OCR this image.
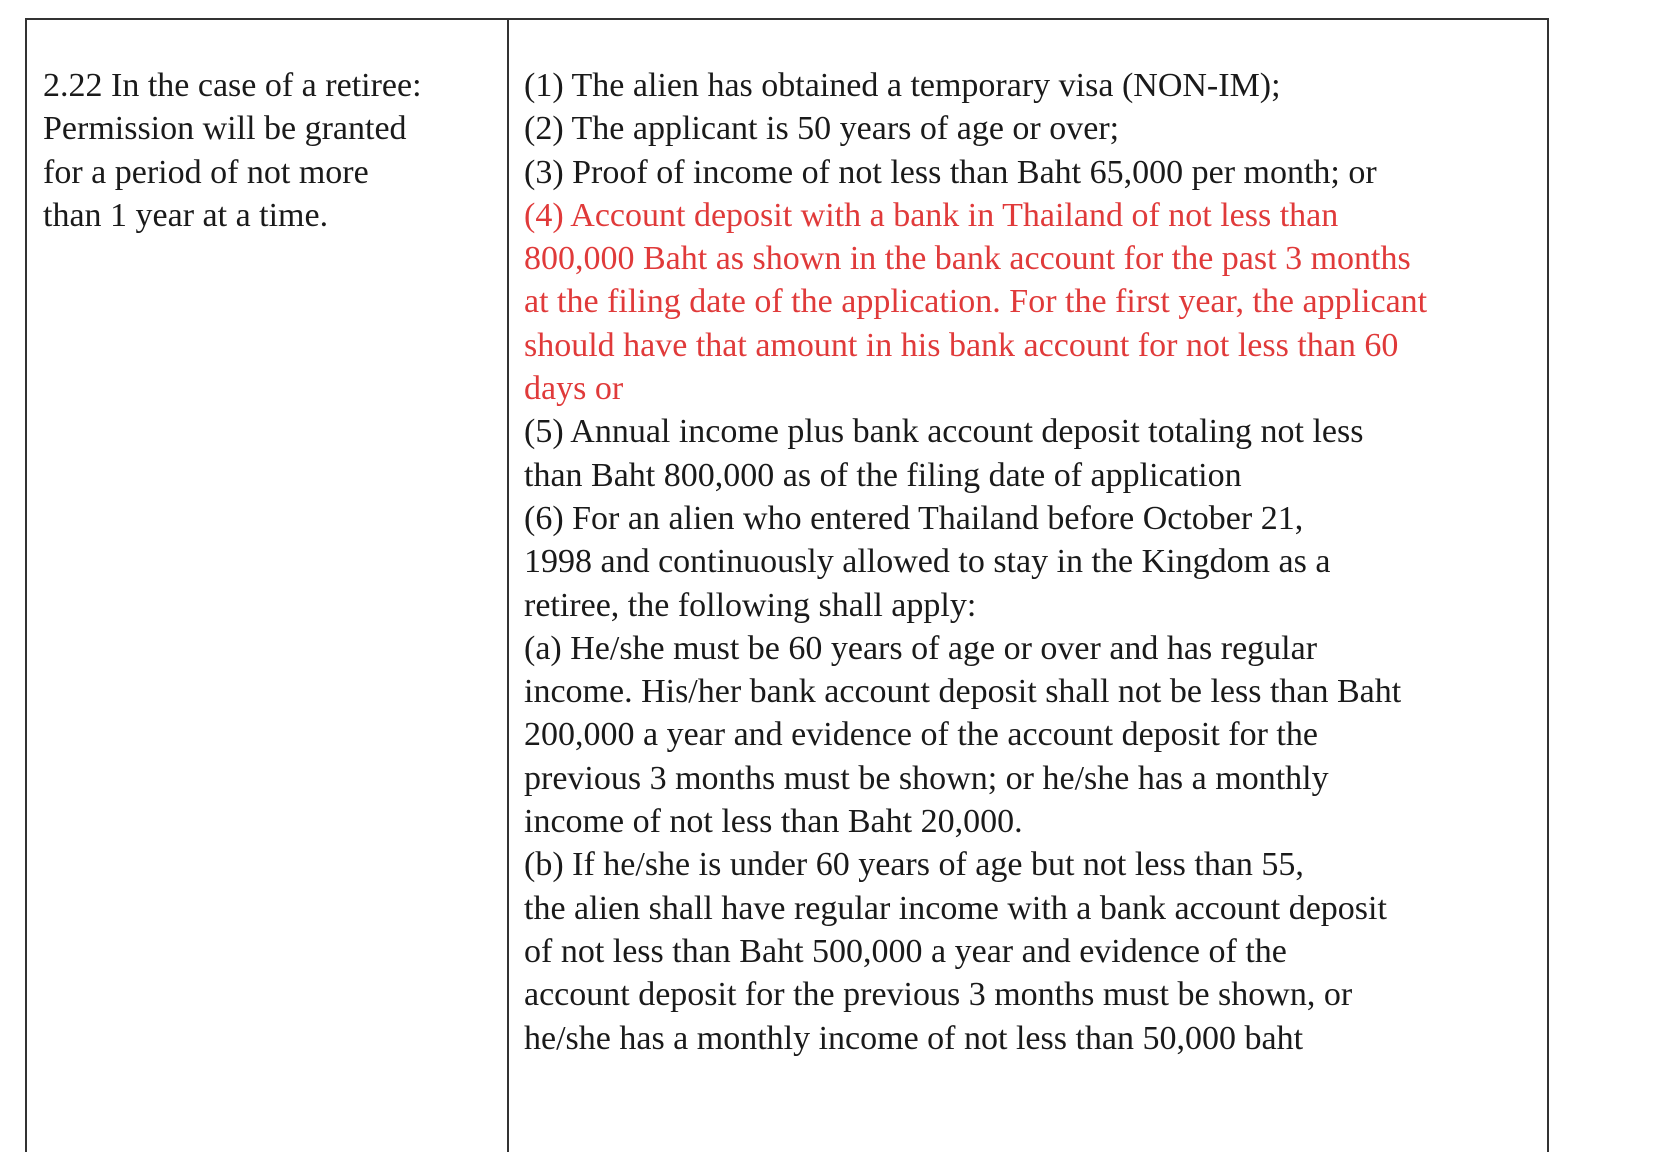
2.22 In the case of a retiree:
Permission will be granted
for a period of not more
than 1 year at a time.
(1) The alien has obtained a temporary visa (NON-IM);
(2) The applicant is 50 years of age or over;
(3) Proof of income of not less than Baht 65,000 per month; or
(4) Account deposit with a bank in Thailand of not less than
800,000 Baht as shown in the bank account for the past 3 months
at the filing date of the application. For the first year, the applicant
should have that amount in his bank account for not less than 60
days or
(5) Annual income plus bank account deposit totaling not less
than Baht 800,000 as of the filing date of application
(6) For an alien who entered Thailand before October 21,
1998 and continuously allowed to stay in the Kingdom as a
retiree, the following shall apply:
(a) He/she must be 60 years of age or over and has regular
income. His/her bank account deposit shall not be less than Baht
200,000 a year and evidence of the account deposit for the
previous 3 months must be shown; or he/she has a monthly
income of not less than Baht 20,000.
(b) If he/she is under 60 years of age but not less than 55,
the alien shall have regular income with a bank account deposit
of not less than Baht 500,000 a year and evidence of the
account deposit for the previous 3 months must be shown, or
he/she has a monthly income of not less than 50,000 baht
